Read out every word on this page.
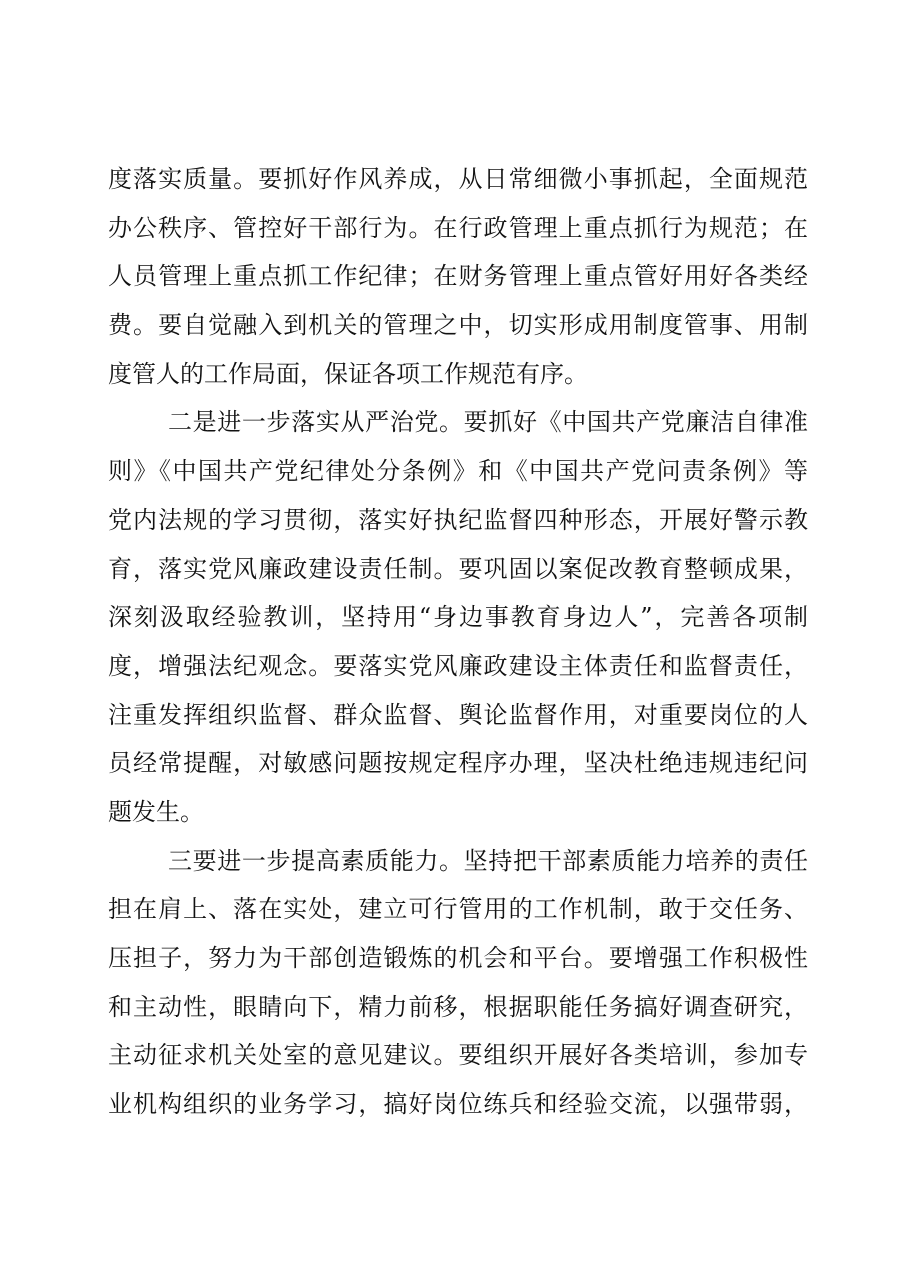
度落实质量。要抓好作风养成，从日常细微小事抓起，全面规范
办公秩序、管控好干部行为。在行政管理上重点抓行为规范；在
人员管理上重点抓工作纪律；在财务管理上重点管好用好各类经
费。要自觉融入到机关的管理之中，切实形成用制度管事、用制
度管人的工作局面，保证各项工作规范有序。
二是进一步落实从严治党。要抓好《中国共产党廉洁自律准
则》《中国共产党纪律处分条例》和《中国共产党问责条例》等
党内法规的学习贯彻，落实好执纪监督四种形态，开展好警示教
育，落实党风廉政建设责任制。要巩固以案促改教育整顿成果，
深刻汲取经验教训，坚持用“身边事教育身边人”，完善各项制
度，增强法纪观念。要落实党风廉政建设主体责任和监督责任，
注重发挥组织监督、群众监督、舆论监督作用，对重要岗位的人
员经常提醒，对敏感问题按规定程序办理，坚决杜绝违规违纪问
题发生。
三要进一步提高素质能力。坚持把干部素质能力培养的责任
担在肩上、落在实处，建立可行管用的工作机制，敢于交任务、
压担子，努力为干部创造锻炼的机会和平台。要增强工作积极性
和主动性，眼睛向下，精力前移，根据职能任务搞好调查研究，
主动征求机关处室的意见建议。要组织开展好各类培训，参加专
业机构组织的业务学习，搞好岗位练兵和经验交流，以强带弱，
